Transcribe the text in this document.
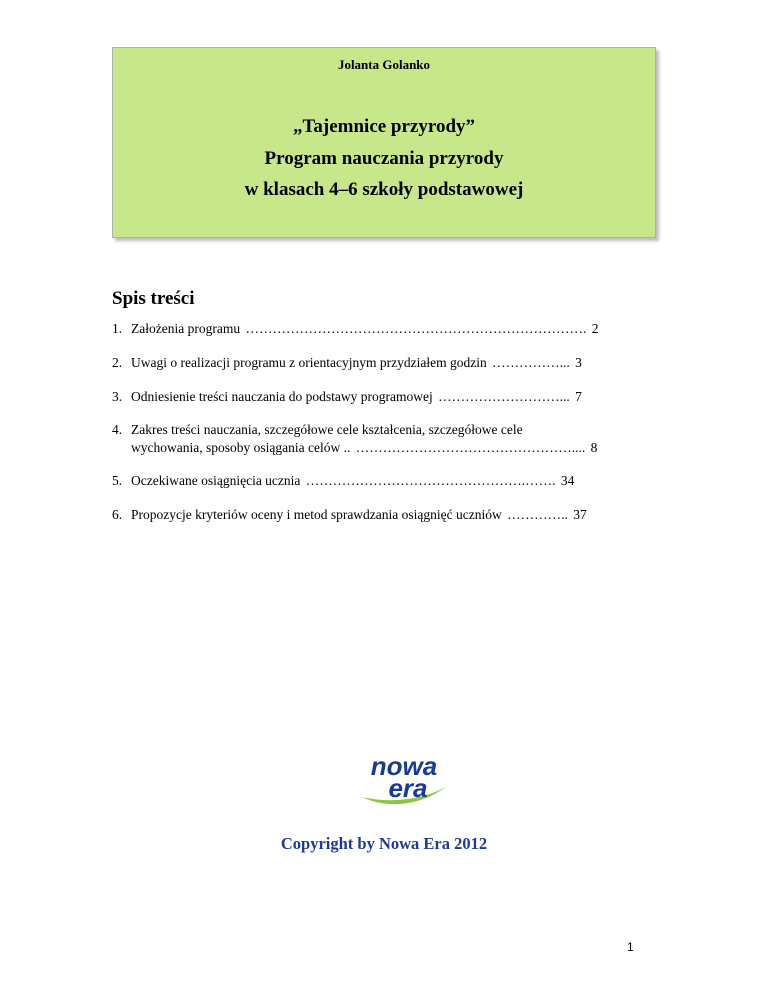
Jolanta Golanko
„Tajemnice przyrody”
Program nauczania przyrody
w klasach 4–6 szkoły podstawowej
Spis treści
1. Założenia programu …………………………………………………………………. 2
2. Uwagi o realizacji programu z orientacyjnym przydziałem godzin ……………... 3
3. Odniesienie treści nauczania do podstawy programowej ………………………... 7
4. Zakres treści nauczania, szczegółowe cele kształcenia, szczegółowe cele
wychowania, sposoby osiągania celów .. ………………………………………….... 8
5. Oczekiwane osiągnięcia ucznia ………………………………………….……. 34
6. Propozycje kryteriów oceny i metod sprawdzania osiągnięć uczniów ………….. 37
nowa
era
Copyright by Nowa Era 2012
1
